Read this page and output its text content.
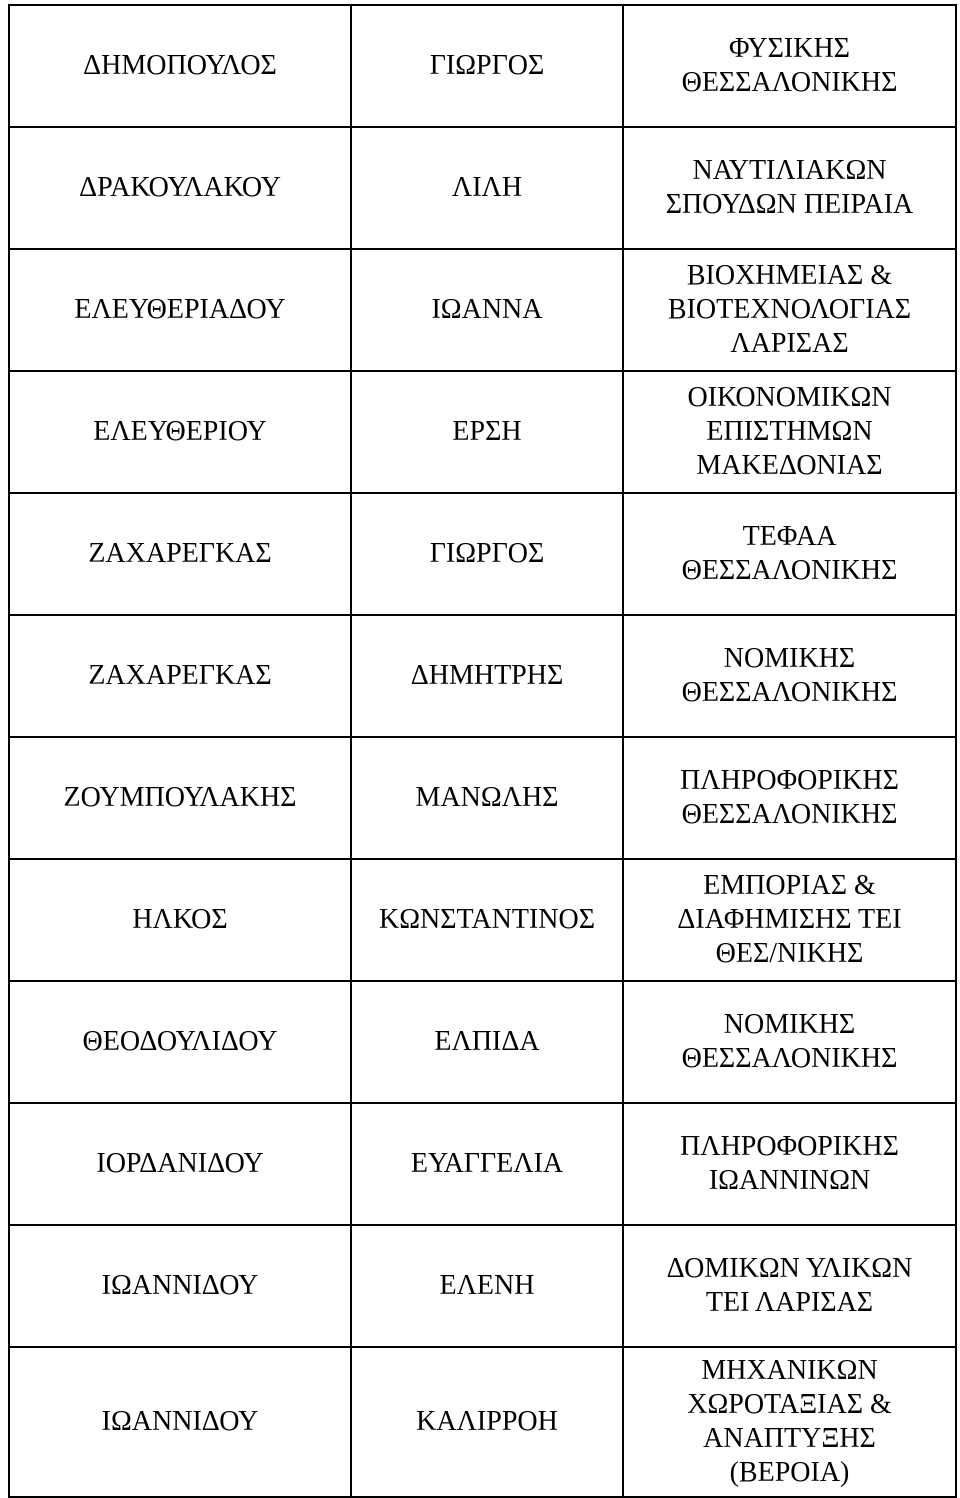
ΔΗΜΟΠΟΥΛΟΣ	ΓΙΩΡΓΟΣ	ΦΥΣΙΚΗΣ
ΘΕΣΣΑΛΟΝΙΚΗΣ

ΔΡΑΚΟΥΛΑΚΟΥ	ΛΙΛΗ	ΝΑΥΤΙΛΙΑΚΩΝ
ΣΠΟΥΔΩΝ ΠΕΙΡΑΙΑ

ΕΛΕΥΘΕΡΙΑΔΟΥ	ΙΩΑΝΝΑ	ΒΙΟΧΗΜΕΙΑΣ &
ΒΙΟΤΕΧΝΟΛΟΓΙΑΣ
ΛΑΡΙΣΑΣ

ΕΛΕΥΘΕΡΙΟΥ	ΕΡΣΗ	ΟΙΚΟΝΟΜΙΚΩΝ
ΕΠΙΣΤΗΜΩΝ
ΜΑΚΕΔΟΝΙΑΣ

ΖΑΧΑΡΕΓΚΑΣ	ΓΙΩΡΓΟΣ	ΤΕΦΑΑ
ΘΕΣΣΑΛΟΝΙΚΗΣ

ΖΑΧΑΡΕΓΚΑΣ	ΔΗΜΗΤΡΗΣ	ΝΟΜΙΚΗΣ
ΘΕΣΣΑΛΟΝΙΚΗΣ

ΖΟΥΜΠΟΥΛΑΚΗΣ	ΜΑΝΩΛΗΣ	ΠΛΗΡΟΦΟΡΙΚΗΣ
ΘΕΣΣΑΛΟΝΙΚΗΣ

ΗΛΚΟΣ	ΚΩΝΣΤΑΝΤΙΝΟΣ	ΕΜΠΟΡΙΑΣ &
ΔΙΑΦΗΜΙΣΗΣ ΤΕΙ
ΘΕΣ/ΝΙΚΗΣ

ΘΕΟΔΟΥΛΙΔΟΥ	ΕΛΠΙΔΑ	ΝΟΜΙΚΗΣ
ΘΕΣΣΑΛΟΝΙΚΗΣ

ΙΟΡΔΑΝΙΔΟΥ	ΕΥΑΓΓΕΛΙΑ	ΠΛΗΡΟΦΟΡΙΚΗΣ
ΙΩΑΝΝΙΝΩΝ

ΙΩΑΝΝΙΔΟΥ	ΕΛΕΝΗ	ΔΟΜΙΚΩΝ ΥΛΙΚΩΝ
ΤΕΙ ΛΑΡΙΣΑΣ

ΙΩΑΝΝΙΔΟΥ	ΚΑΛΙΡΡΟΗ	ΜΗΧΑΝΙΚΩΝ
ΧΩΡΟΤΑΞΙΑΣ &
ΑΝΑΠΤΥΞΗΣ
(ΒΕΡΟΙΑ)
